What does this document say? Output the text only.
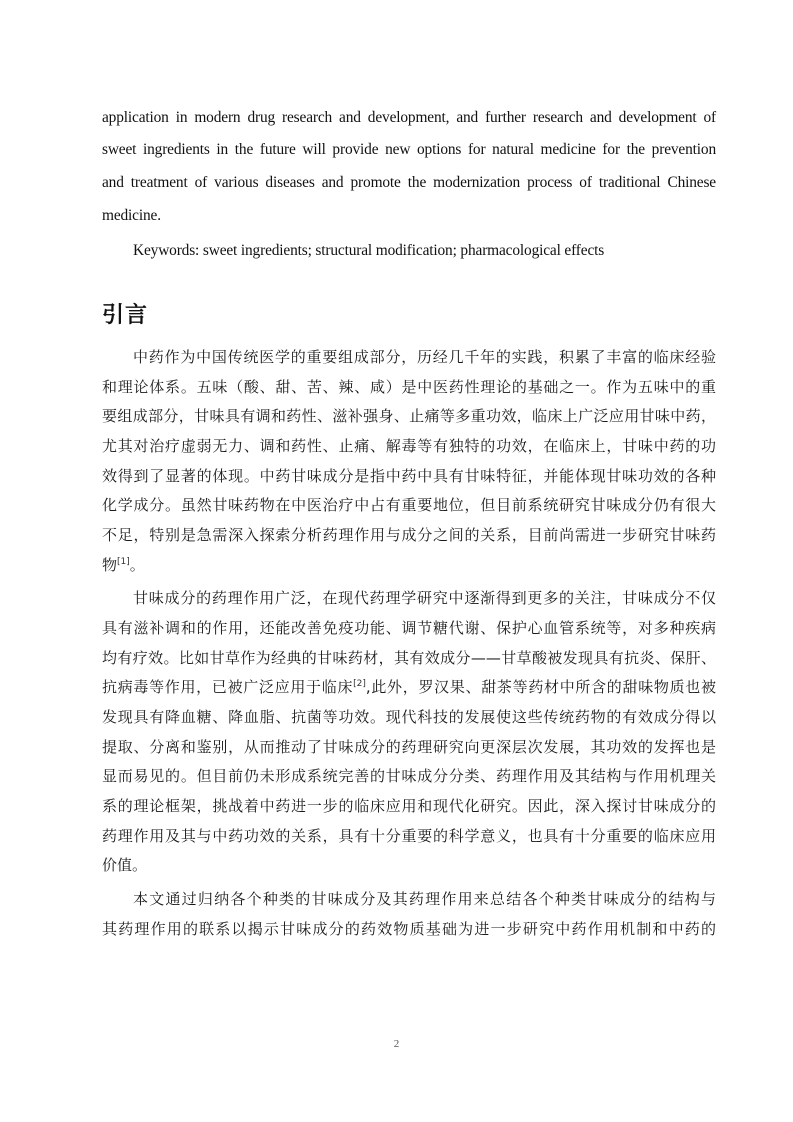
application in modern drug research and development, and further research and development of
sweet ingredients in the future will provide new options for natural medicine for the prevention
and treatment of various diseases and promote the modernization process of traditional Chinese
medicine.
Keywords: sweet ingredients; structural modification; pharmacological effects
引言
中药作为中国传统医学的重要组成部分，历经几千年的实践，积累了丰富的临床经验
和理论体系。五味（酸、甜、苦、辣、咸）是中医药性理论的基础之一。作为五味中的重
要组成部分，甘味具有调和药性、滋补强身、止痛等多重功效，临床上广泛应用甘味中药，
尤其对治疗虚弱无力、调和药性、止痛、解毒等有独特的功效，在临床上，甘味中药的功
效得到了显著的体现。中药甘味成分是指中药中具有甘味特征，并能体现甘味功效的各种
化学成分。虽然甘味药物在中医治疗中占有重要地位，但目前系统研究甘味成分仍有很大
不足，特别是急需深入探索分析药理作用与成分之间的关系，目前尚需进一步研究甘味药
物[1]。
甘味成分的药理作用广泛，在现代药理学研究中逐渐得到更多的关注，甘味成分不仅
具有滋补调和的作用，还能改善免疫功能、调节糖代谢、保护心血管系统等，对多种疾病
均有疗效。比如甘草作为经典的甘味药材，其有效成分——甘草酸被发现具有抗炎、保肝、
抗病毒等作用，已被广泛应用于临床[2],此外，罗汉果、甜茶等药材中所含的甜味物质也被
发现具有降血糖、降血脂、抗菌等功效。现代科技的发展使这些传统药物的有效成分得以
提取、分离和鉴别，从而推动了甘味成分的药理研究向更深层次发展，其功效的发挥也是
显而易见的。但目前仍未形成系统完善的甘味成分分类、药理作用及其结构与作用机理关
系的理论框架，挑战着中药进一步的临床应用和现代化研究。因此，深入探讨甘味成分的
药理作用及其与中药功效的关系，具有十分重要的科学意义，也具有十分重要的临床应用
价值。
本文通过归纳各个种类的甘味成分及其药理作用来总结各个种类甘味成分的结构与
其药理作用的联系以揭示甘味成分的药效物质基础为进一步研究中药作用机制和中药的
2
